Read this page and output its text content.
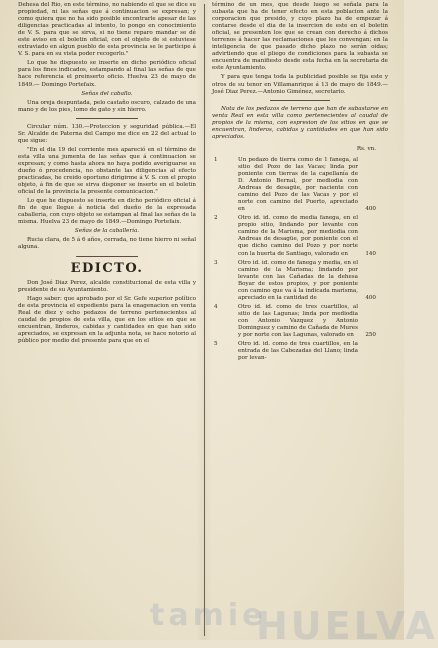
Dehesa del Rio, en este término, no nabiendo el que se dice su propiedad, ni las señas que á continuacion se expresan; y como quiera que no ha sido posible encontrarle apesar de las diligencias practicadas al intento, lo pongo en conocimiento de V. S. para que se sirva, si no tiene reparo mandar se dé este aviso en el boletin oficial, con el objeto de si estuviese extraviado en algun pueblo de esta provincia se le participe á V. S. para en su vista poder recogerlo."

Lo que he dispuesto se inserte en dicho periódico oficial para los fines indicados, estampando al final las señas de que hace referencia el preinserto oficio. Huelva 23 de mayo de 1849.— Domingo Portefaix.

Señas del caballo.

Una oreja despuntada, pelo castaño oscuro, calzado de una mano y de los pies, lomo de gato y sin hierro.

Circular núm. 130.—Proteccion y seguridad pública.—El Sr. Alcalde de Paterna del Campo me dice en 22 del actual lo que sigue:

"En el dia 19 del corriente mes apareció en el término de esta villa una jumenta de las señas que á continuacion se expresan; y como hasta ahora no haya podido averiguarse su dueño ó procedencia, no obstante las diligencias al efecto practicadas, he creido oportuno dirigirme á V. S. con el propio objeto, á fin de que se sirva disponer se inserte en el boletin oficial de la provincia la presente comunicacion."

Lo que he dispuesto se inserte en dicho periódico oficial á fin de que llegue á noticia del dueño de la expresada caballeria, con cuyo objeto se estampan al final las señas de la misma. Huelva 23 de mayo de 1849.—Domingo Portefaix.

Señas de la caballería.

Rucia clara, de 5 á 6 años, cerrada, no tiene hierro ni señal alguna.

EDICTO.

Don José Diaz Perez, alcalde constitucional de esta villa y presidente de su Ayuntamiento.

Hago saber: que aprobado por el Sr. Gefe superior político de esta provincia el expediente para la enagenacion en venta Real de diez y ocho pedazos de terreno pertenecientes al caudal de propios de esta villa, que en los sitios en que se encuentran, linderos, cabidas y cantidades en que han sido apreciados, se expresan en la adjunta nota, se hace notorio al público por medio del presente para que en el

término de un mes, que desde luego se señala para la subasta que ha de tener efecto en esta poblacion ante la corporacion que presido, y cuyo plazo ha de empezar á contarse desde el dia de la insercion de este en el boletin oficial, se presenten los que se crean con derecho á dichos terrenos á hacer las reclamaciones que les convengan; en la inteligencia de que pasado dicho plazo no serán oidas; advirtiendo que el pliego de condiciones para la subasta se encuentra de manifiesto desde esta fecha en la secretaria de este Ayuntamiento.

Y para que tenga toda la publicidad posible se fija este y otros de su tenor en Villamanrique á 13 de mayo de 1849.—José Diaz Perez.—Antonio Giménez, secretario.

Nota de los pedazos de terreno que han de subastarse en venta Real en esta villa como pertenecientes al caudal de propios de la misma, con espresion de los sitios en que se encuentran, linderos, cabidas y cantidades en que han sido apreciados.

Rs. vn.
1	Un pedazo de tierra como de 1 fanega, al sitio del Pozo de las Vacas; linda por poniente con tierras de la capellanía de D. Antonio Bernal, por mediodia con Andreas de desagüe, por naciente con camino del Pozo de las Vacas y por el norte con camino del Puerto, apreciado en	400
2	Otro id. id. como de media fanega, en el propio sitio, lindando por levante con camino de la Marisma, por mediodia con Andreas de desagüe, por poniente con el que dicho camino del Pozo y por norte con la huerta de Santiago, valorado en	140
3	Otro id. id. como de fanega y media, en el camino de la Marisma; lindando por levante con las Cañadas de la dehesa Boyar de estos propios, y por poniente con camino que va á la indicada marisma, apreciado en la cantidad de	400
4	Otro id. id. como de tres cuartillos, al sitio de las Lagunas; linda por mediodia con Antonio Vazquez y Antonio Dominguez y camino de Cañada de Mures y por norte con las Lagunas, valorado en	250
5	Otro id. id. como de tres cuartillos, en la entrada de las Cabezadas del Llano; linda por levan-

tamie
HUELVA
